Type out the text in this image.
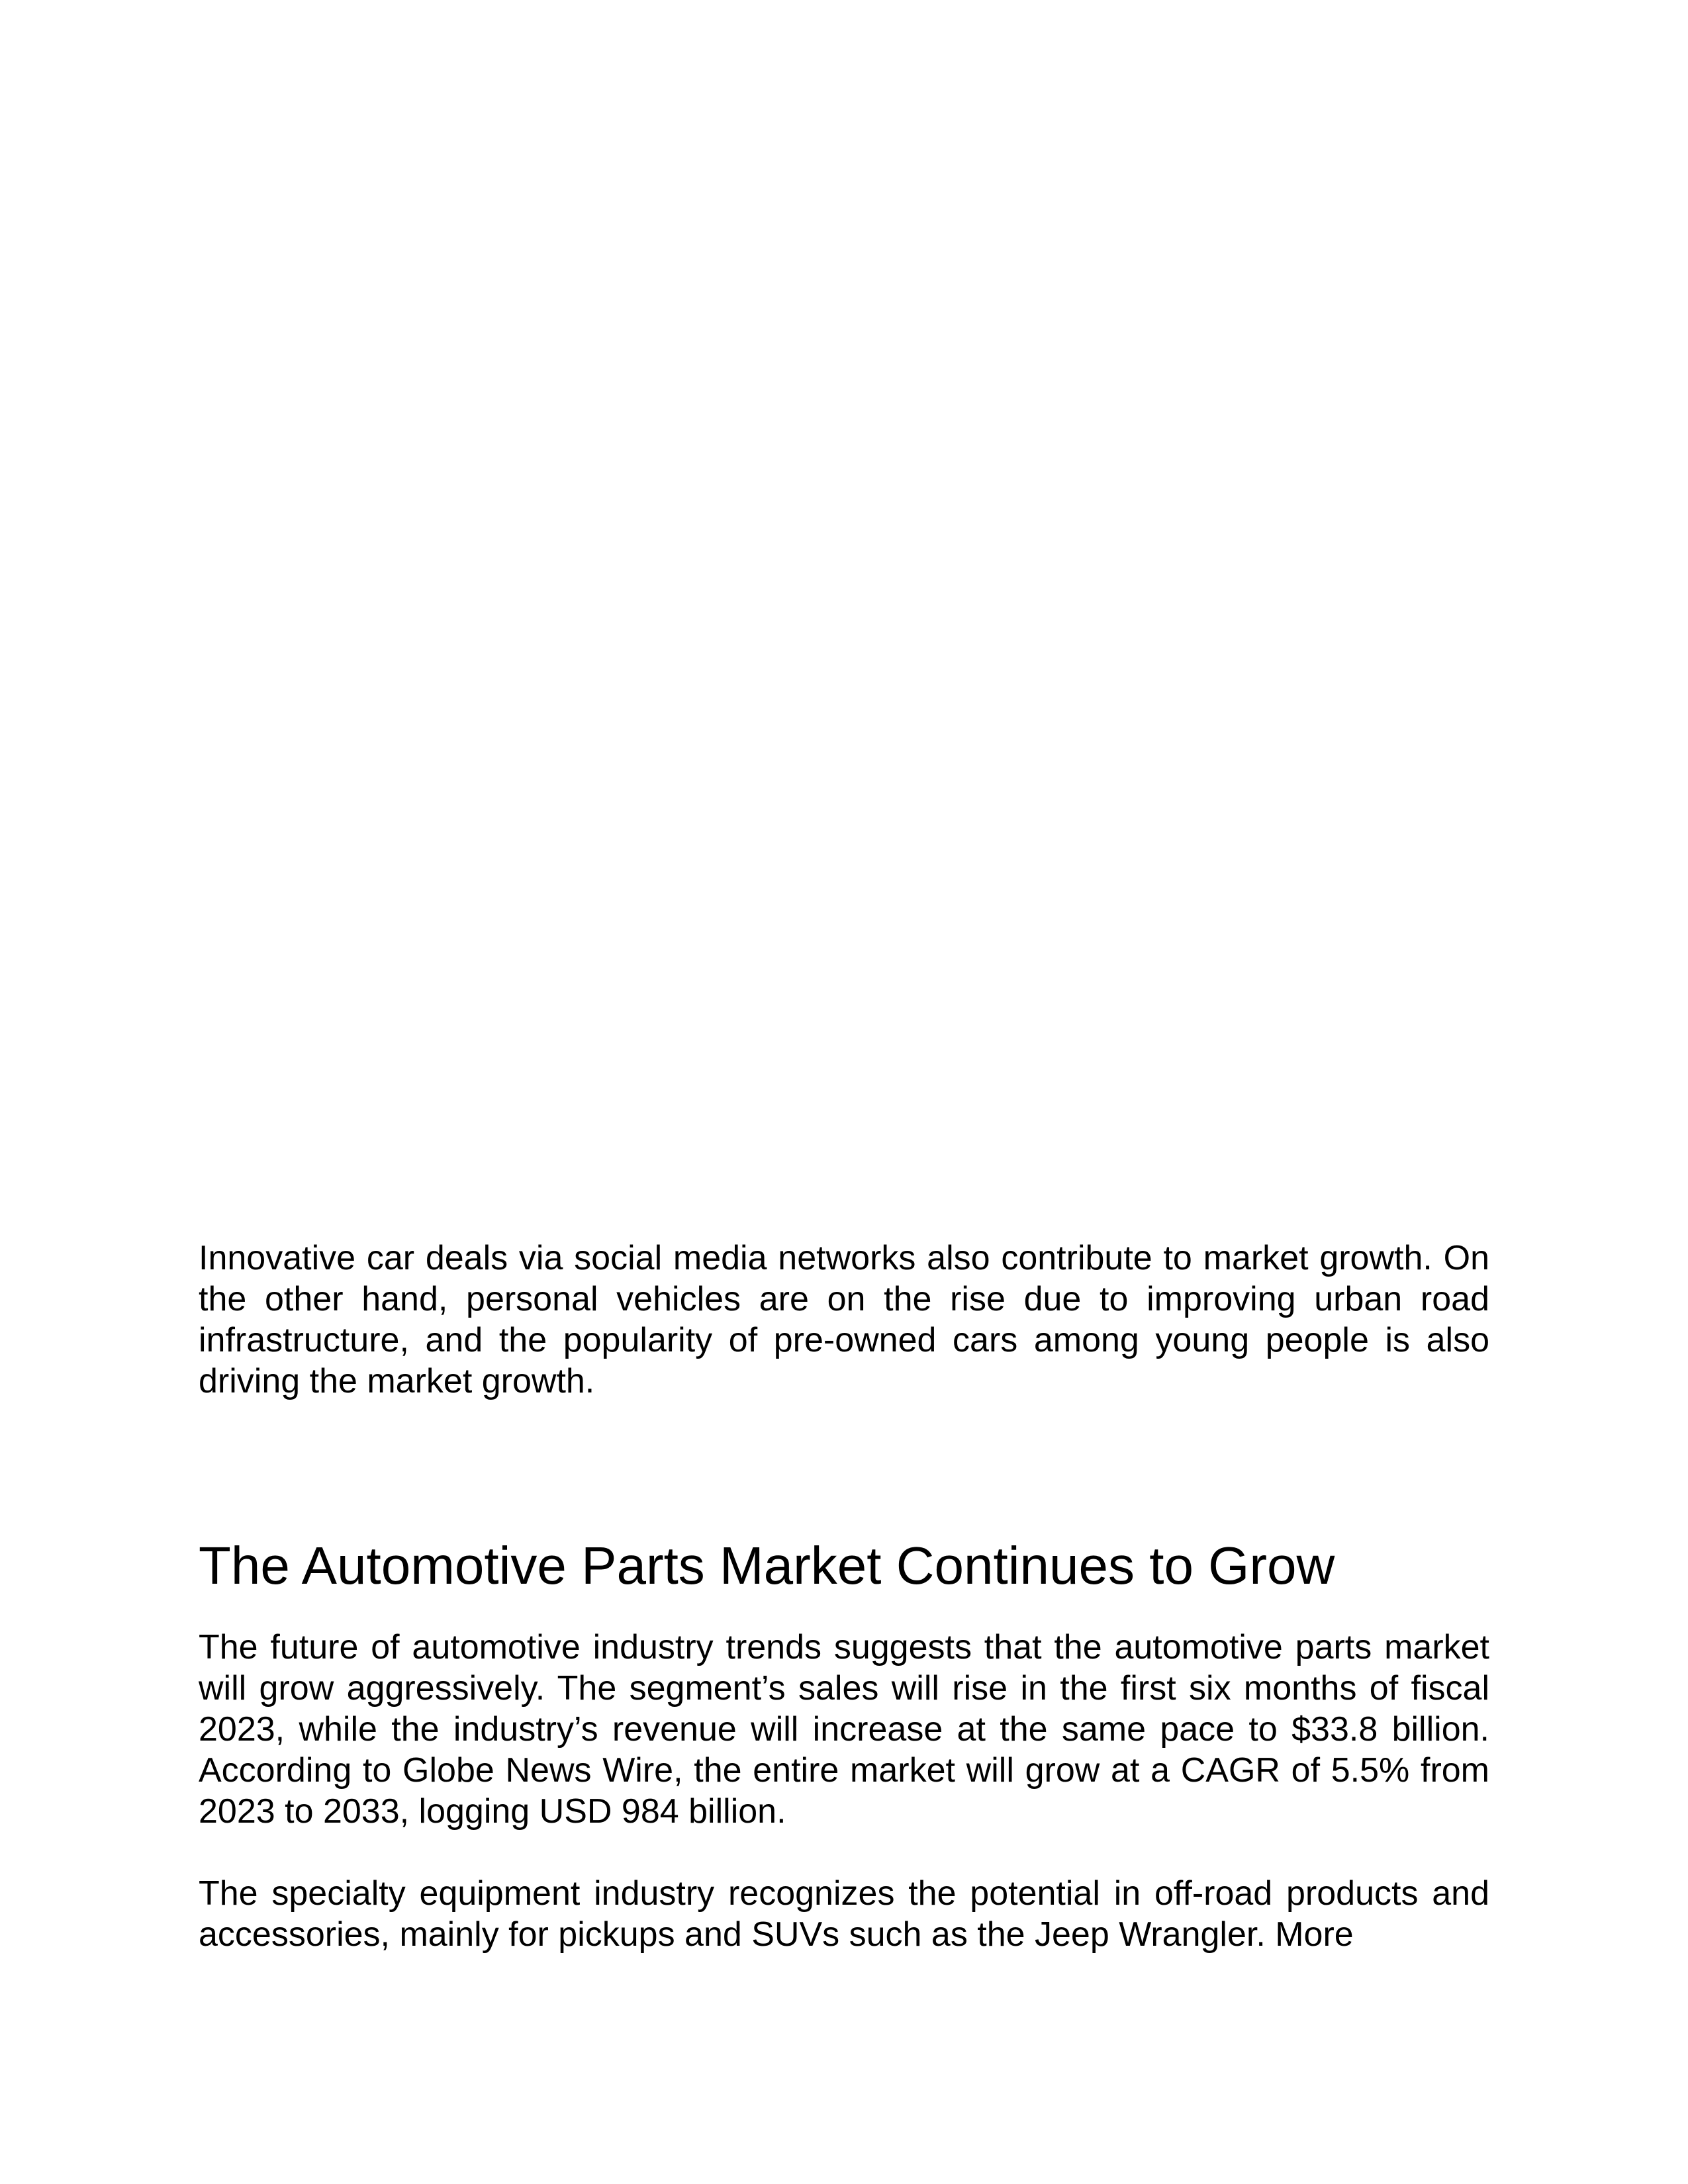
Innovative car deals via social media networks also contribute to market growth. On the other hand, personal vehicles are on the rise due to improving urban road infrastructure, and the popularity of pre-owned cars among young people is also driving the market growth.

The Automotive Parts Market Continues to Grow

The future of automotive industry trends suggests that the automotive parts market will grow aggressively. The segment’s sales will rise in the first six months of fiscal 2023, while the industry’s revenue will increase at the same pace to $33.8 billion. According to Globe News Wire, the entire market will grow at a CAGR of 5.5% from 2023 to 2033, logging USD 984 billion.

The specialty equipment industry recognizes the potential in off-road products and accessories, mainly for pickups and SUVs such as the Jeep Wrangler. More
